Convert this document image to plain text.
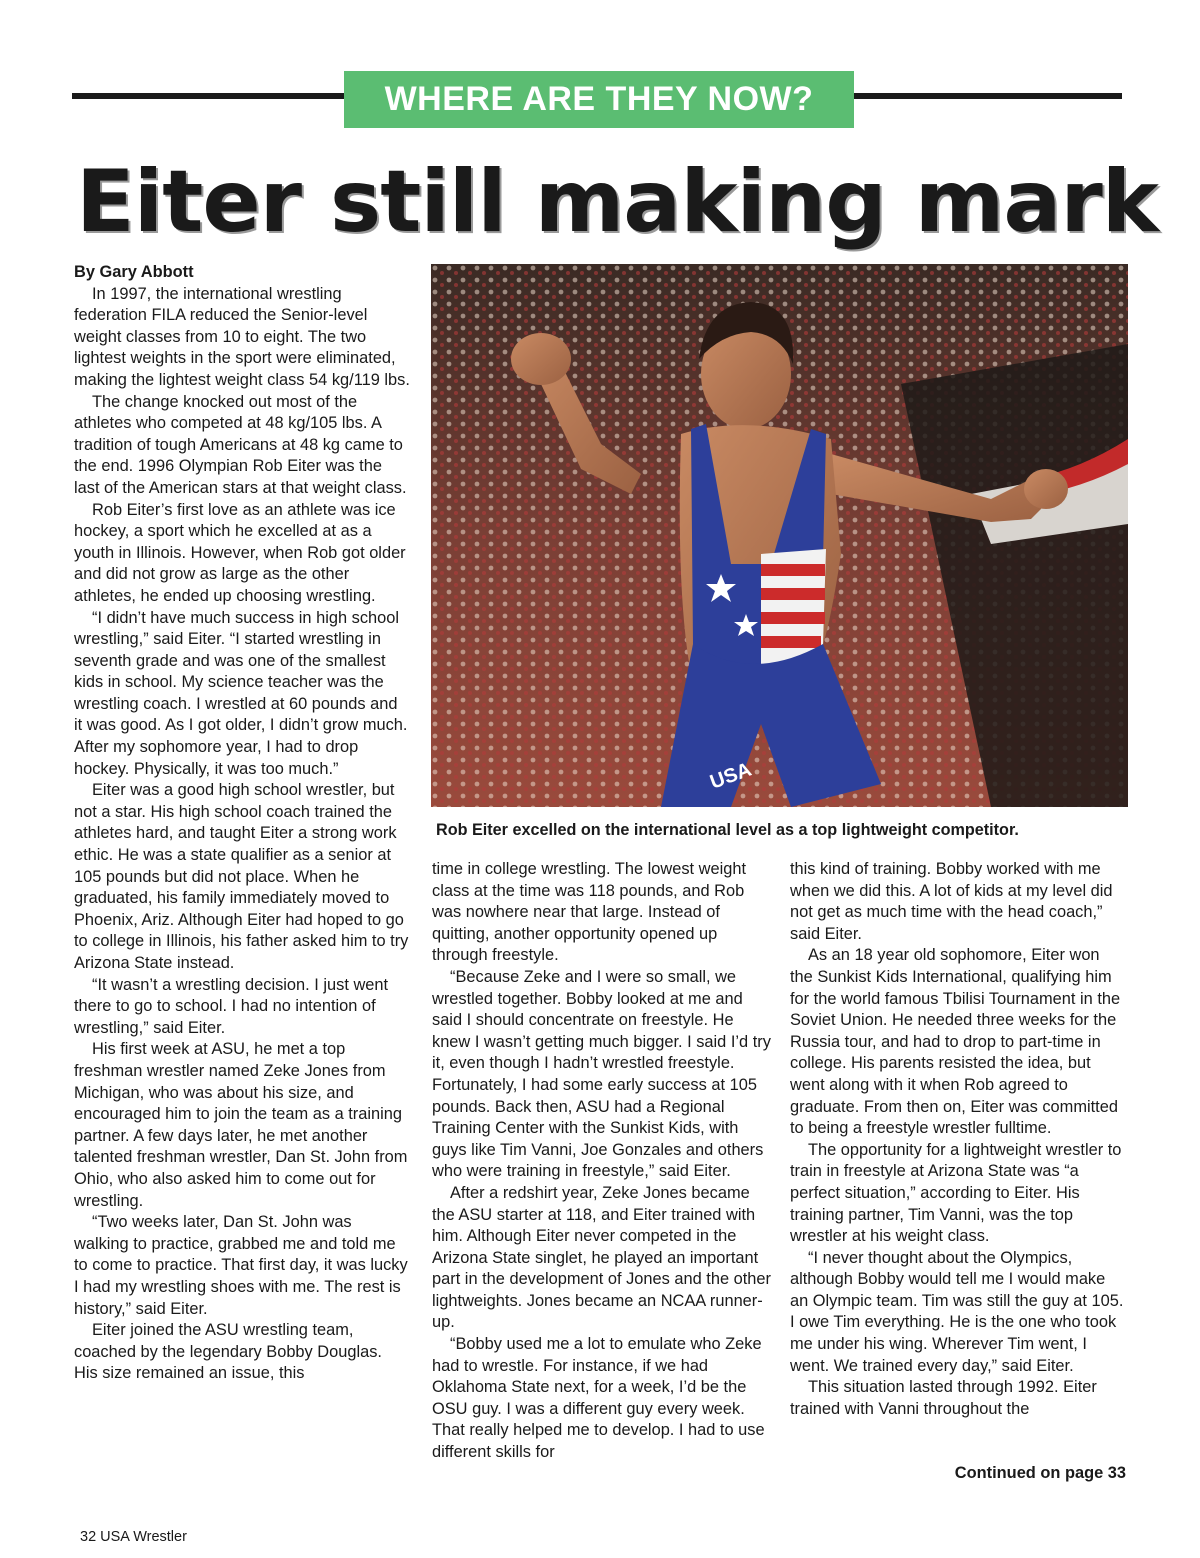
WHERE ARE THEY NOW?
Eiter still making mark

By Gary Abbott

In 1997, the international wrestling federation FILA reduced the Senior-level weight classes from 10 to eight. The two lightest weights in the sport were eliminated, making the lightest weight class 54 kg/119 lbs.

The change knocked out most of the athletes who competed at 48 kg/105 lbs. A tradition of tough Americans at 48 kg came to the end. 1996 Olympian Rob Eiter was the last of the American stars at that weight class.

Rob Eiter’s first love as an athlete was ice hockey, a sport which he excelled at as a youth in Illinois. However, when Rob got older and did not grow as large as the other athletes, he ended up choosing wrestling.

“I didn’t have much success in high school wrestling,” said Eiter. “I started wrestling in seventh grade and was one of the smallest kids in school. My science teacher was the wrestling coach. I wrestled at 60 pounds and it was good. As I got older, I didn’t grow much. After my sophomore year, I had to drop hockey. Physically, it was too much.”

Eiter was a good high school wrestler, but not a star. His high school coach trained the athletes hard, and taught Eiter a strong work ethic. He was a state qualifier as a senior at 105 pounds but did not place. When he graduated, his family immediately moved to Phoenix, Ariz. Although Eiter had hoped to go to college in Illinois, his father asked him to try Arizona State instead.

“It wasn’t a wrestling decision. I just went there to go to school. I had no intention of wrestling,” said Eiter.

His first week at ASU, he met a top freshman wrestler named Zeke Jones from Michigan, who was about his size, and encouraged him to join the team as a training partner. A few days later, he met another talented freshman wrestler, Dan St. John from Ohio, who also asked him to come out for wrestling.

“Two weeks later, Dan St. John was walking to practice, grabbed me and told me to come to practice. That first day, it was lucky I had my wrestling shoes with me. The rest is history,” said Eiter.

Eiter joined the ASU wrestling team, coached by the legendary Bobby Douglas. His size remained an issue, this

USA
Rob Eiter excelled on the international level as a top lightweight competitor.

time in college wrestling. The lowest weight class at the time was 118 pounds, and Rob was nowhere near that large. Instead of quitting, another opportunity opened up through freestyle.

“Because Zeke and I were so small, we wrestled together. Bobby looked at me and said I should concentrate on freestyle. He knew I wasn’t getting much bigger. I said I’d try it, even though I hadn’t wrestled freestyle. Fortunately, I had some early success at 105 pounds. Back then, ASU had a Regional Training Center with the Sunkist Kids, with guys like Tim Vanni, Joe Gonzales and others who were training in freestyle,” said Eiter.

After a redshirt year, Zeke Jones became the ASU starter at 118, and Eiter trained with him. Although Eiter never competed in the Arizona State singlet, he played an important part in the development of Jones and the other lightweights. Jones became an NCAA runner-up.

“Bobby used me a lot to emulate who Zeke had to wrestle. For instance, if we had Oklahoma State next, for a week, I’d be the OSU guy. I was a different guy every week. That really helped me to develop. I had to use different skills for

this kind of training. Bobby worked with me when we did this. A lot of kids at my level did not get as much time with the head coach,” said Eiter.

As an 18 year old sophomore, Eiter won the Sunkist Kids International, qualifying him for the world famous Tbilisi Tournament in the Soviet Union. He needed three weeks for the Russia tour, and had to drop to part-time in college. His parents resisted the idea, but went along with it when Rob agreed to graduate. From then on, Eiter was committed to being a freestyle wrestler fulltime.

The opportunity for a lightweight wrestler to train in freestyle at Arizona State was “a perfect situation,” according to Eiter. His training partner, Tim Vanni, was the top wrestler at his weight class.

“I never thought about the Olympics, although Bobby would tell me I would make an Olympic team. Tim was still the guy at 105. I owe Tim everything. He is the one who took me under his wing. Wherever Tim went, I went. We trained every day,” said Eiter.

This situation lasted through 1992. Eiter trained with Vanni throughout the

Continued on page 33
32 USA Wrestler
